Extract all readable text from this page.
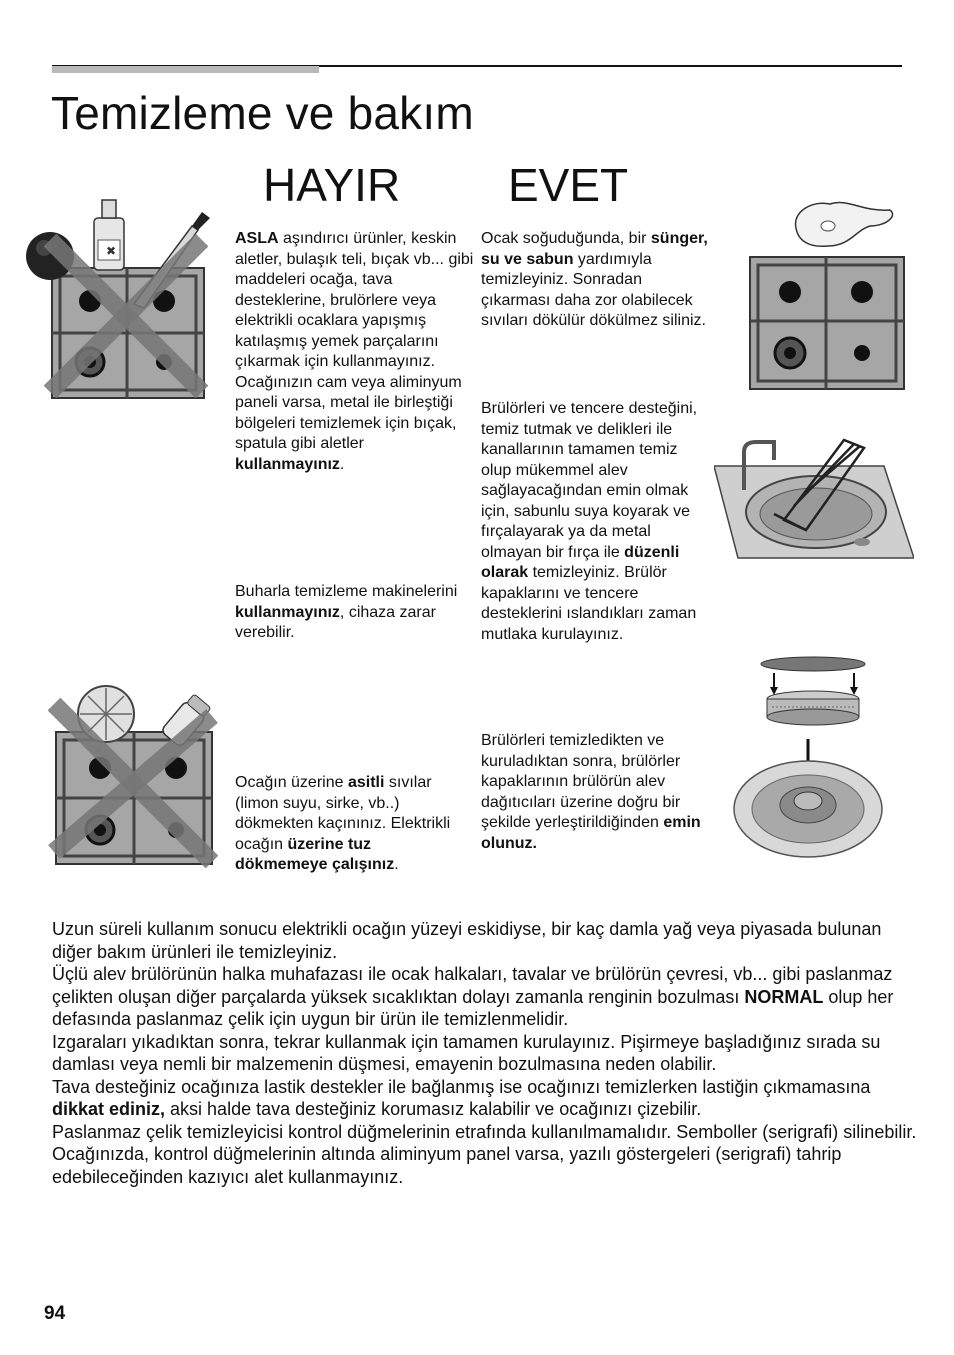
Temizleme ve bakım
HAYIR EVET

ASLA aşındırıcı ürünler, keskin aletler, bulaşık teli, bıçak vb... gibi maddeleri ocağa, tava desteklerine, brulörlere veya elektrikli ocaklara yapışmış katılaşmış yemek parçalarını çıkarmak için kullanmayınız. Ocağınızın cam veya aliminyum paneli varsa, metal ile birleştiği bölgeleri temizlemek için bıçak, spatula gibi aletler kullanmayınız.

Buharla temizleme makinelerini kullanmayınız, cihaza zarar verebilir.

Ocağın üzerine asitli sıvılar (limon suyu, sirke, vb..) dökmekten kaçınınız. Elektrikli ocağın üzerine tuz dökmemeye çalışınız.

Ocak soğuduğunda, bir sünger, su ve sabun yardımıyla temizleyiniz. Sonradan çıkarması daha zor olabilecek sıvıları dökülür dökülmez siliniz.

Brülörleri ve tencere desteğini, temiz tutmak ve delikleri ile kanallarının tamamen temiz olup mükemmel alev sağlayacağından emin olmak için, sabunlu suya koyarak ve fırçalayarak ya da metal olmayan bir fırça ile düzenli olarak temizleyiniz. Brülör kapaklarını ve tencere desteklerini ıslandıkları zaman mutlaka kurulayınız.

Brülörleri temizledikten ve kuruladıktan sonra, brülörler kapaklarının brülörün alev dağıtıcıları üzerine doğru bir şekilde yerleştirildiğinden emin olunuz.

✖

Uzun süreli kullanım sonucu elektrikli ocağın yüzeyi eskidiyse, bir kaç damla yağ veya piyasada bulunan diğer bakım ürünleri ile temizleyiniz.
Üçlü alev brülörünün halka muhafazası ile ocak halkaları, tavalar ve brülörün çevresi, vb... gibi paslanmaz çelikten oluşan diğer parçalarda yüksek sıcaklıktan dolayı zamanla renginin bozulması NORMAL olup her defasında paslanmaz çelik için uygun bir ürün ile temizlenmelidir.
Izgaraları yıkadıktan sonra, tekrar kullanmak için tamamen kurulayınız. Pişirmeye başladığınız sırada su damlası veya nemli bir malzemenin düşmesi, emayenin bozulmasına neden olabilir.
Tava desteğiniz ocağınıza lastik destekler ile bağlanmış ise ocağınızı temizlerken lastiğin çıkmamasına dikkat ediniz, aksi halde tava desteğiniz korumasız kalabilir ve ocağınızı çizebilir.
Paslanmaz çelik temizleyicisi kontrol düğmelerinin etrafında kullanılmamalıdır. Semboller (serigrafi) silinebilir.
Ocağınızda, kontrol düğmelerinin altında aliminyum panel varsa, yazılı göstergeleri (serigrafi) tahrip edebileceğinden kazıyıcı alet kullanmayınız.

94
